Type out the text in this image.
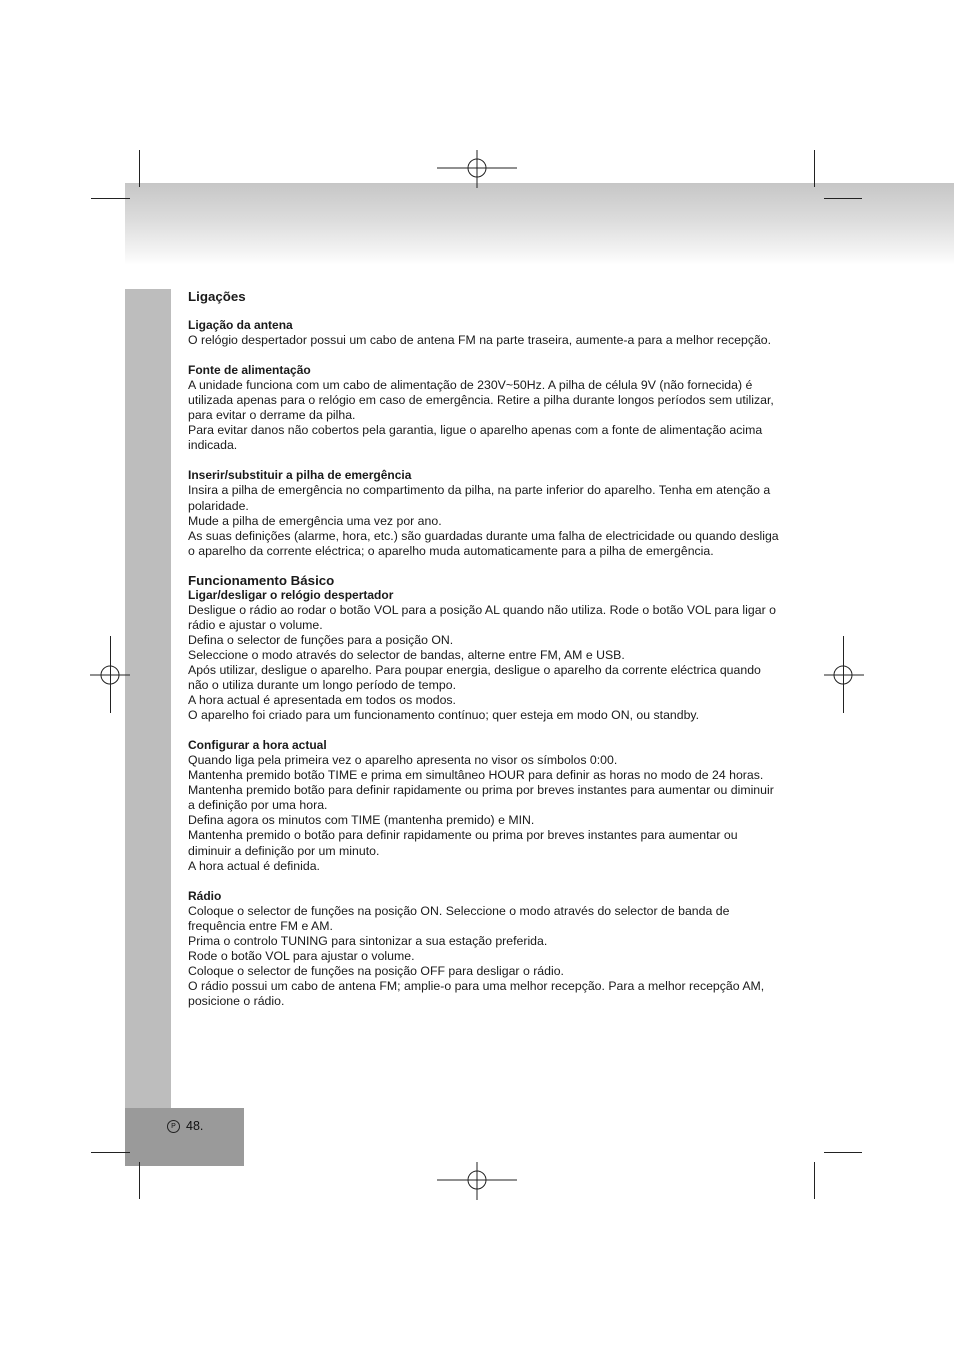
Ligações

Ligação da antena

O relógio despertador possui um cabo de antena FM na parte traseira, aumente-a para a melhor recepção.

Fonte de alimentação

A unidade funciona com um cabo de alimentação de 230V~50Hz. A pilha de célula 9V (não fornecida) é

utilizada apenas para o relógio em caso de emergência. Retire a pilha durante longos períodos sem utilizar,

para evitar o derrame da pilha.

Para evitar danos não cobertos pela garantia, ligue o aparelho apenas com a fonte de alimentação acima

indicada.

Inserir/substituir a pilha de emergência

Insira a pilha de emergência no compartimento da pilha, na parte inferior do aparelho. Tenha em atenção a

polaridade.

Mude a pilha de emergência uma vez por ano.

As suas definições (alarme, hora, etc.) são guardadas durante uma falha de electricidade ou quando desliga

o aparelho da corrente eléctrica; o aparelho muda automaticamente para a pilha de emergência.

Funcionamento Básico

Ligar/desligar o relógio despertador

Desligue o rádio ao rodar o botão VOL para a posição AL quando não utiliza. Rode o botão VOL para ligar o

rádio e ajustar o volume.

Defina o selector de funções para a posição ON.

Seleccione o modo através do selector de bandas, alterne entre FM, AM e USB.

Após utilizar, desligue o aparelho. Para poupar energia, desligue o aparelho da corrente eléctrica quando

não o utiliza durante um longo período de tempo.

A hora actual é apresentada em todos os modos.

O aparelho foi criado para um funcionamento contínuo; quer esteja em modo ON, ou standby.

Configurar a hora actual

Quando liga pela primeira vez o aparelho apresenta no visor os símbolos 0:00.

Mantenha premido botão TIME e prima em simultâneo HOUR para definir as horas no modo de 24 horas.

Mantenha premido botão para definir rapidamente ou prima por breves instantes para aumentar ou diminuir

a definição por uma hora.

Defina agora os minutos com TIME (mantenha premido) e MIN.

Mantenha premido o botão para definir rapidamente ou prima por breves instantes para aumentar ou

diminuir a definição por um minuto.

A hora actual é definida.

Rádio

Coloque o selector de funções na posição ON. Seleccione o modo através do selector de banda de

frequência entre FM e AM.

Prima o controlo TUNING para sintonizar a sua estação preferida.

Rode o botão VOL para ajustar o volume.

Coloque o selector de funções na posição OFF para desligar o rádio.

O rádio possui um cabo de antena FM; amplie-o para uma melhor recepção. Para a melhor recepção AM,

posicione o rádio.

P 48.
